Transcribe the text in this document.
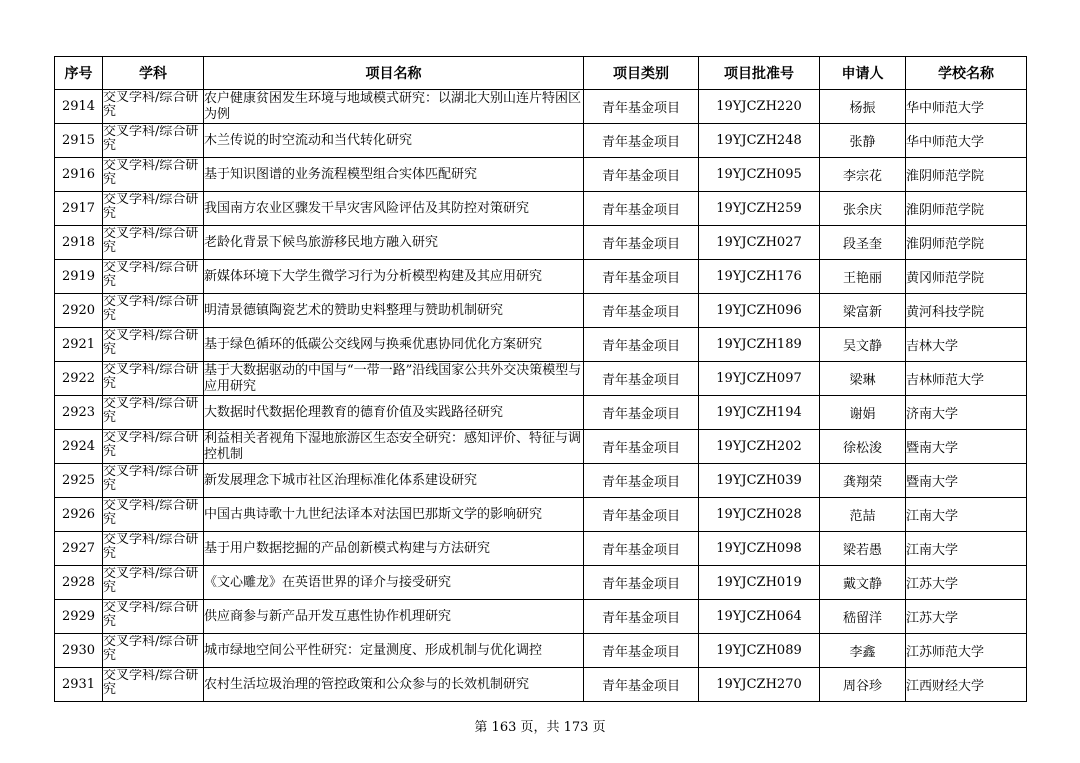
序号	学科	项目名称	项目类别	项目批准号	申请人	学校名称
2914	交叉学科/综合研究	农户健康贫困发生环境与地域模式研究：以湖北大别山连片特困区为例	青年基金项目	19YJCZH220	杨振	华中师范大学
2915	交叉学科/综合研究	木兰传说的时空流动和当代转化研究	青年基金项目	19YJCZH248	张静	华中师范大学
2916	交叉学科/综合研究	基于知识图谱的业务流程模型组合实体匹配研究	青年基金项目	19YJCZH095	李宗花	淮阴师范学院
2917	交叉学科/综合研究	我国南方农业区骤发干旱灾害风险评估及其防控对策研究	青年基金项目	19YJCZH259	张余庆	淮阴师范学院
2918	交叉学科/综合研究	老龄化背景下候鸟旅游移民地方融入研究	青年基金项目	19YJCZH027	段圣奎	淮阴师范学院
2919	交叉学科/综合研究	新媒体环境下大学生微学习行为分析模型构建及其应用研究	青年基金项目	19YJCZH176	王艳丽	黄冈师范学院
2920	交叉学科/综合研究	明清景德镇陶瓷艺术的赞助史料整理与赞助机制研究	青年基金项目	19YJCZH096	梁富新	黄河科技学院
2921	交叉学科/综合研究	基于绿色循环的低碳公交线网与换乘优惠协同优化方案研究	青年基金项目	19YJCZH189	吴文静	吉林大学
2922	交叉学科/综合研究	基于大数据驱动的中国与“一带一路”沿线国家公共外交决策模型与应用研究	青年基金项目	19YJCZH097	梁琳	吉林师范大学
2923	交叉学科/综合研究	大数据时代数据伦理教育的德育价值及实践路径研究	青年基金项目	19YJCZH194	谢娟	济南大学
2924	交叉学科/综合研究	利益相关者视角下湿地旅游区生态安全研究：感知评价、特征与调控机制	青年基金项目	19YJCZH202	徐松浚	暨南大学
2925	交叉学科/综合研究	新发展理念下城市社区治理标准化体系建设研究	青年基金项目	19YJCZH039	龚翔荣	暨南大学
2926	交叉学科/综合研究	中国古典诗歌十九世纪法译本对法国巴那斯文学的影响研究	青年基金项目	19YJCZH028	范喆	江南大学
2927	交叉学科/综合研究	基于用户数据挖掘的产品创新模式构建与方法研究	青年基金项目	19YJCZH098	梁若愚	江南大学
2928	交叉学科/综合研究	《文心雕龙》在英语世界的译介与接受研究	青年基金项目	19YJCZH019	戴文静	江苏大学
2929	交叉学科/综合研究	供应商参与新产品开发互惠性协作机理研究	青年基金项目	19YJCZH064	嵇留洋	江苏大学
2930	交叉学科/综合研究	城市绿地空间公平性研究：定量测度、形成机制与优化调控	青年基金项目	19YJCZH089	李鑫	江苏师范大学
2931	交叉学科/综合研究	农村生活垃圾治理的管控政策和公众参与的长效机制研究	青年基金项目	19YJCZH270	周谷珍	江西财经大学
第 163 页，共 173 页
